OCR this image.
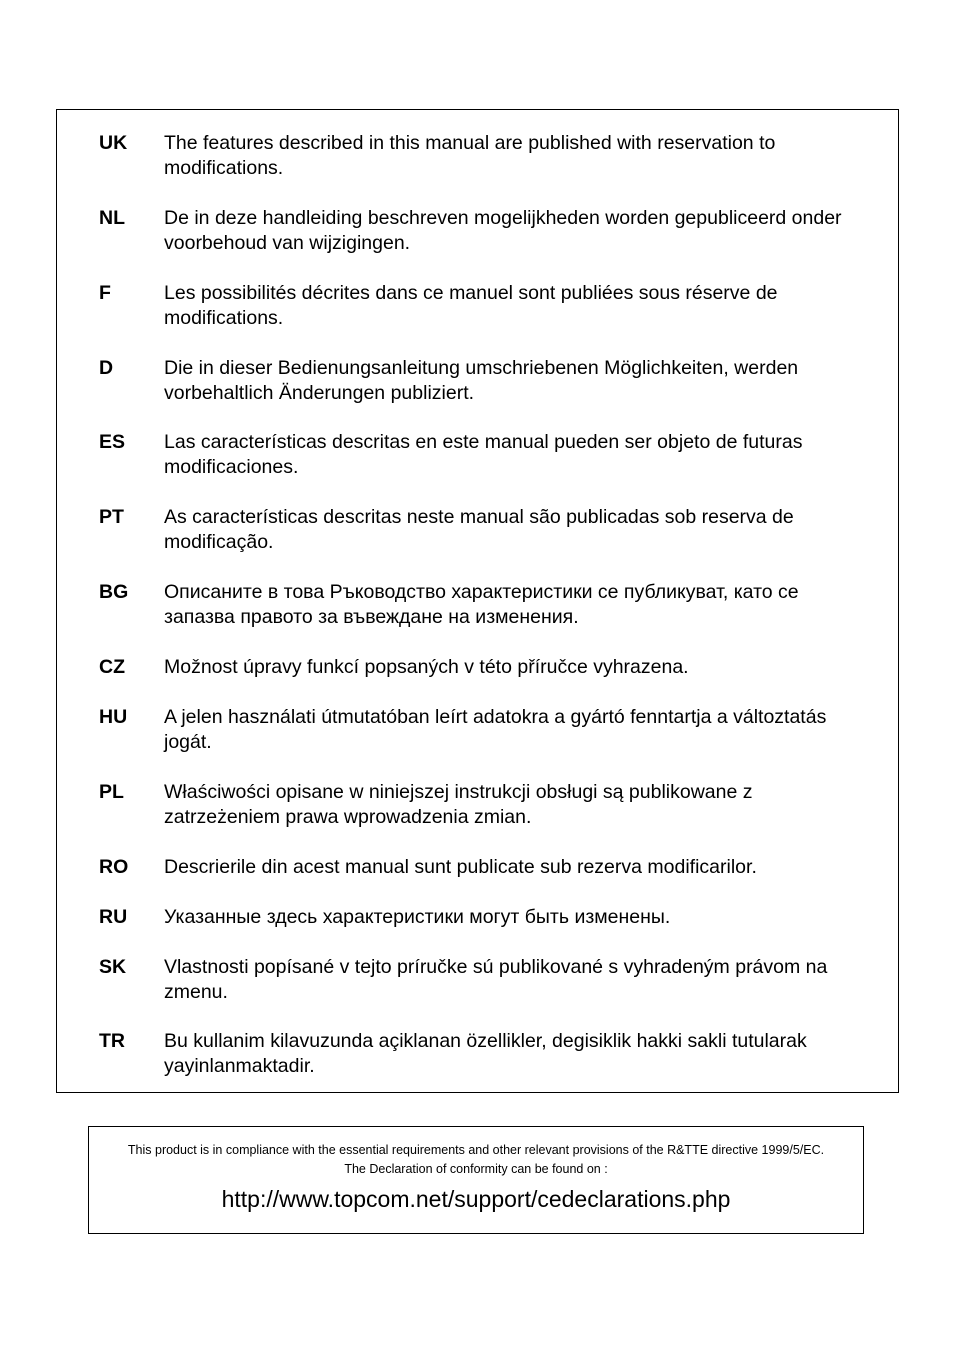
UK	The features described in this manual are published with reservation to modifications.
NL	De in deze handleiding beschreven mogelijkheden worden gepubliceerd onder voorbehoud van wijzigingen.
F	Les possibilités décrites dans ce manuel sont publiées sous réserve de modifications.
D	Die in dieser Bedienungsanleitung umschriebenen Möglichkeiten, werden vorbehaltlich Änderungen publiziert.
ES	Las características descritas en este manual pueden ser objeto de futuras modificaciones.
PT	As características descritas neste manual são publicadas sob reserva de modificação.
BG	Описаните в това Ръководство характеристики се публикуват, като се запазва правото за въвеждане на изменения.
CZ	Možnost úpravy funkcí popsaných v této příručce vyhrazena.
HU	A jelen használati útmutatóban leírt adatokra a gyártó fenntartja a változtatás jogát.
PL	Właściwości opisane w niniejszej instrukcji obsługi są publikowane z zatrzeżeniem prawa wprowadzenia zmian.
RO	Descrierile din acest manual sunt publicate sub rezerva modificarilor.
RU	Указанные здесь характеристики могут быть изменены.
SK	Vlastnosti popísané v tejto príručke sú publikované s vyhradeným právom na zmenu.
TR	Bu kullanim kilavuzunda açiklanan özellikler, degisiklik hakki sakli tutularak yayinlanmaktadir.
This product is in compliance with the essential requirements and other relevant provisions of the R&TTE directive 1999/5/EC.
The Declaration of conformity can be found on :
http://www.topcom.net/support/cedeclarations.php
